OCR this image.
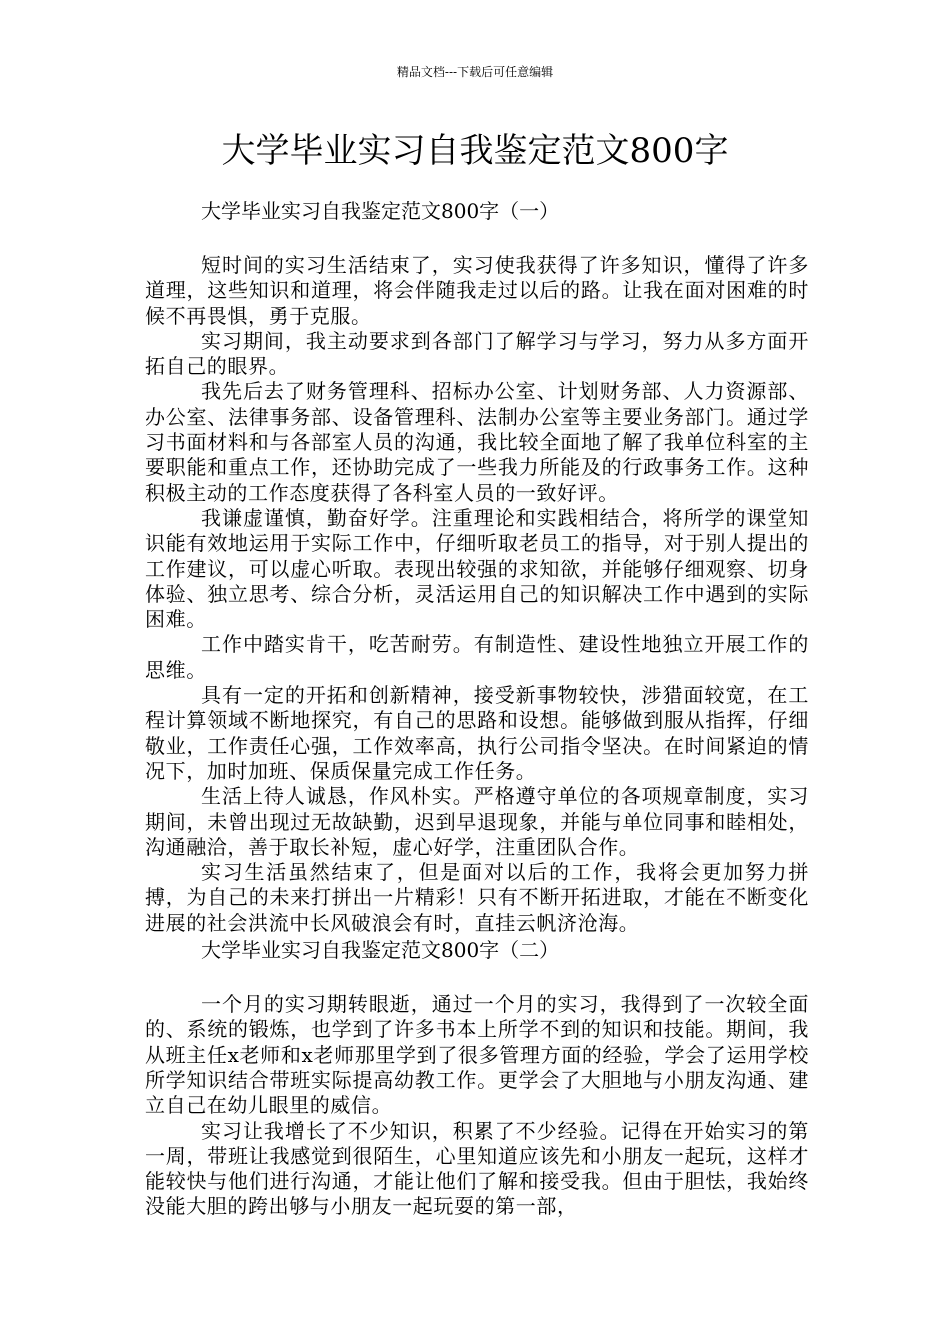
精品文档---下载后可任意编辑
大学毕业实习自我鉴定范文800字
大学毕业实习自我鉴定范文800字（一）

短时间的实习生活结束了，实习使我获得了许多知识，懂得了许多道理，这些知识和道理，将会伴随我走过以后的路。让我在面对困难的时候不再畏惧，勇于克服。

实习期间，我主动要求到各部门了解学习与学习，努力从多方面开拓自己的眼界。

我先后去了财务管理科、招标办公室、计划财务部、人力资源部、办公室、法律事务部、设备管理科、法制办公室等主要业务部门。通过学习书面材料和与各部室人员的沟通，我比较全面地了解了我单位科室的主要职能和重点工作，还协助完成了一些我力所能及的行政事务工作。这种积极主动的工作态度获得了各科室人员的一致好评。

我谦虚谨慎，勤奋好学。注重理论和实践相结合，将所学的课堂知识能有效地运用于实际工作中，仔细听取老员工的指导，对于别人提出的工作建议，可以虚心听取。表现出较强的求知欲，并能够仔细观察、切身体验、独立思考、综合分析，灵活运用自己的知识解决工作中遇到的实际困难。

工作中踏实肯干，吃苦耐劳。有制造性、建设性地独立开展工作的思维。

具有一定的开拓和创新精神，接受新事物较快，涉猎面较宽，在工程计算领域不断地探究，有自己的思路和设想。能够做到服从指挥，仔细敬业，工作责任心强，工作效率高，执行公司指令坚决。在时间紧迫的情况下，加时加班、保质保量完成工作任务。

生活上待人诚恳，作风朴实。严格遵守单位的各项规章制度，实习期间，未曾出现过无故缺勤，迟到早退现象，并能与单位同事和睦相处，沟通融洽，善于取长补短，虚心好学，注重团队合作。

实习生活虽然结束了，但是面对以后的工作，我将会更加努力拼搏，为自己的未来打拼出一片精彩！只有不断开拓进取，才能在不断变化进展的社会洪流中长风破浪会有时，直挂云帆济沧海。

大学毕业实习自我鉴定范文800字（二）

一个月的实习期转眼逝，通过一个月的实习，我得到了一次较全面的、系统的锻炼，也学到了许多书本上所学不到的知识和技能。期间，我从班主任x老师和x老师那里学到了很多管理方面的经验，学会了运用学校所学知识结合带班实际提高幼教工作。更学会了大胆地与小朋友沟通、建立自己在幼儿眼里的威信。

实习让我增长了不少知识，积累了不少经验。记得在开始实习的第一周，带班让我感觉到很陌生，心里知道应该先和小朋友一起玩，这样才能较快与他们进行沟通，才能让他们了解和接受我。但由于胆怯，我始终没能大胆的跨出够与小朋友一起玩耍的第一部，
